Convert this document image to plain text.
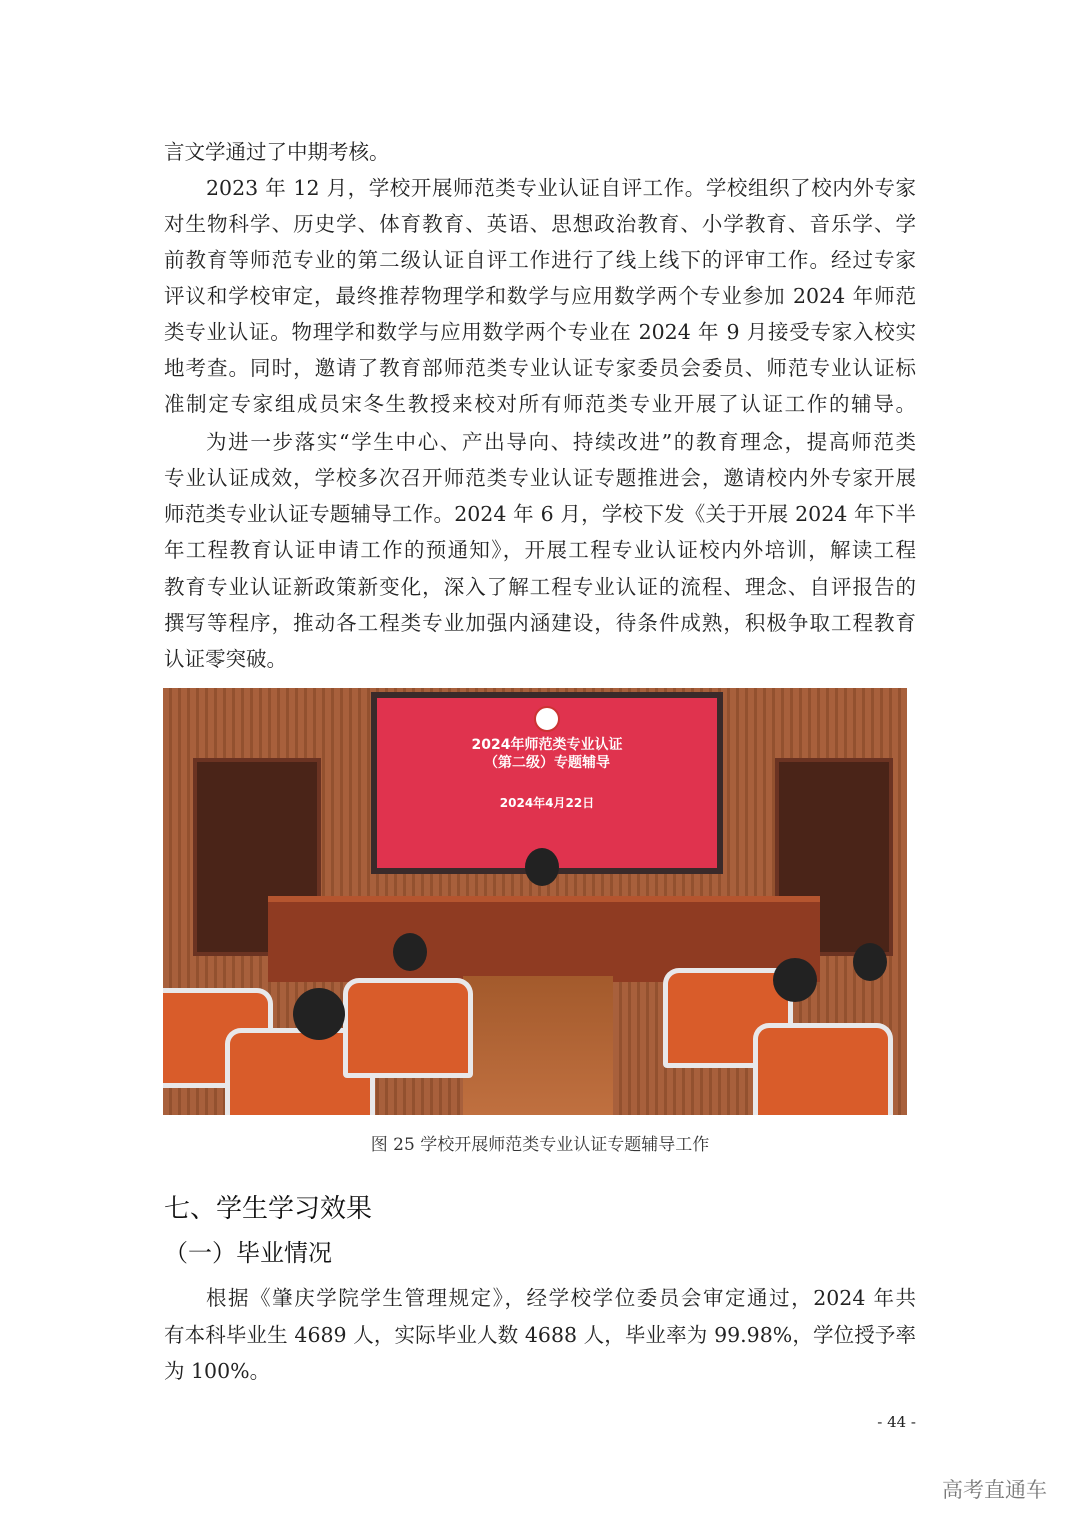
言文学通过了中期考核。
2023 年 12 月，学校开展师范类专业认证自评工作。学校组织了校内外专家
对生物科学、历史学、体育教育、英语、思想政治教育、小学教育、音乐学、学
前教育等师范专业的第二级认证自评工作进行了线上线下的评审工作。经过专家
评议和学校审定，最终推荐物理学和数学与应用数学两个专业参加 2024 年师范
类专业认证。物理学和数学与应用数学两个专业在 2024 年 9 月接受专家入校实
地考查。同时，邀请了教育部师范类专业认证专家委员会委员、师范专业认证标
准制定专家组成员宋冬生教授来校对所有师范类专业开展了认证工作的辅导。
为进一步落实“学生中心、产出导向、持续改进”的教育理念，提高师范类
专业认证成效，学校多次召开师范类专业认证专题推进会，邀请校内外专家开展
师范类专业认证专题辅导工作。2024 年 6 月，学校下发《关于开展 2024 年下半
年工程教育认证申请工作的预通知》，开展工程专业认证校内外培训，解读工程
教育专业认证新政策新变化，深入了解工程专业认证的流程、理念、自评报告的
撰写等程序，推动各工程类专业加强内涵建设，待条件成熟，积极争取工程教育
认证零突破。
2024年师范类专业认证
（第二级）专题辅导
2024年4月22日
图 25 学校开展师范类专业认证专题辅导工作
七、学生学习效果
（一）毕业情况
根据《肇庆学院学生管理规定》，经学校学位委员会审定通过，2024 年共
有本科毕业生 4689 人，实际毕业人数 4688 人，毕业率为 99.98%，学位授予率
为 100%。
- 44 -
高考直通车
